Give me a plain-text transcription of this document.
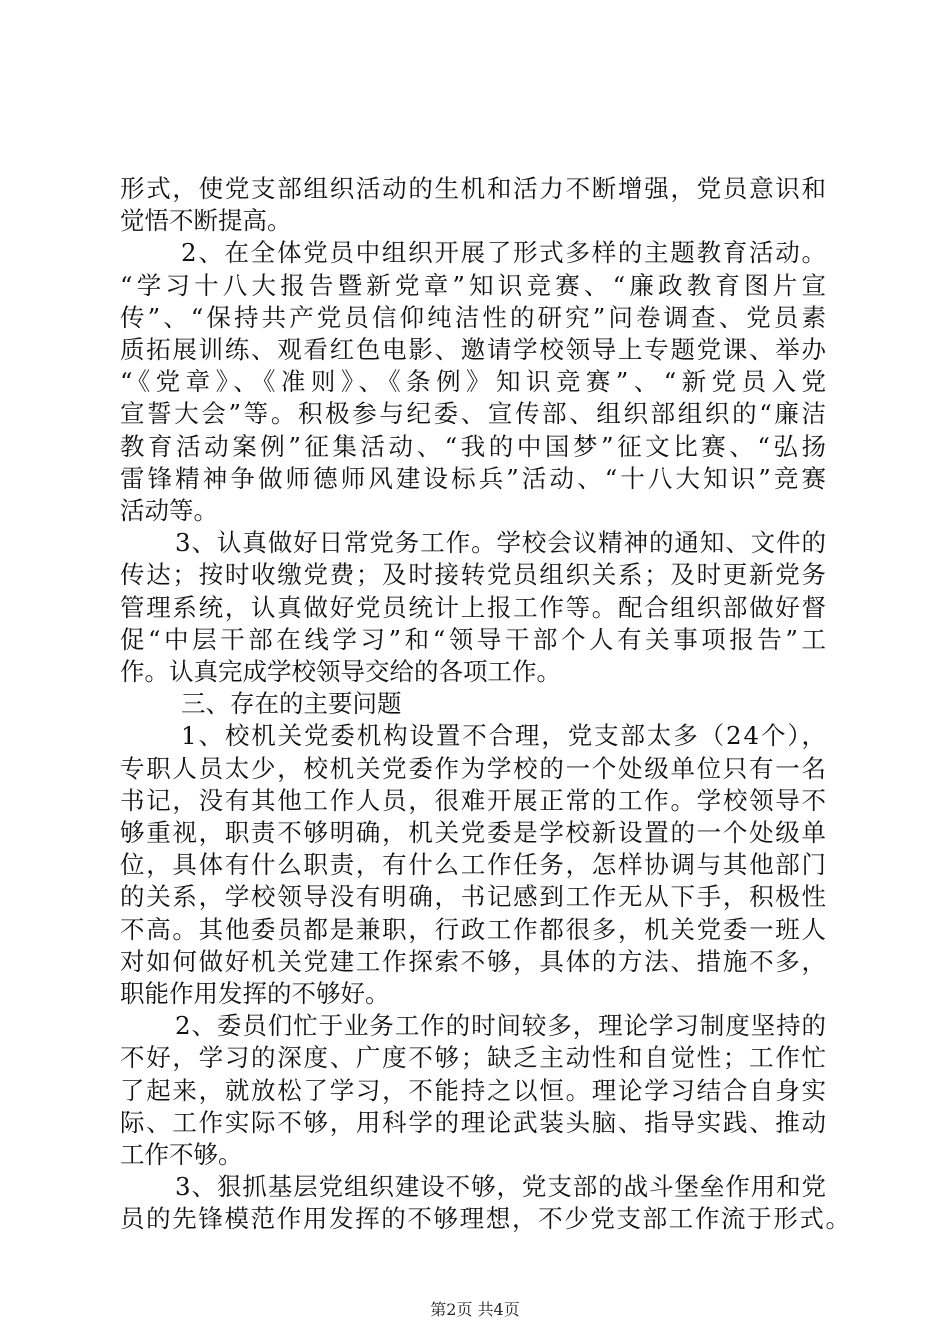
形式，使党支部组织活动的生机和活力不断增强，党员意识和
觉悟不断提高。
2、在全体党员中组织开展了形式多样的主题教育活动。
“学习十八大报告暨新党章”知识竞赛、“廉政教育图片宣
传”、“保持共产党员信仰纯洁性的研究”问卷调查、党员素
质拓展训练、观看红色电影、邀请学校领导上专题党课、举办
“《党章》、《准则》、《条例》知识竞赛”、“新党员入党
宣誓大会”等。积极参与纪委、宣传部、组织部组织的“廉洁
教育活动案例”征集活动、“我的中国梦”征文比赛、“弘扬
雷锋精神争做师德师风建设标兵”活动、“十八大知识”竞赛
活动等。
3、认真做好日常党务工作。学校会议精神的通知、文件的
传达；按时收缴党费；及时接转党员组织关系；及时更新党务
管理系统，认真做好党员统计上报工作等。配合组织部做好督
促“中层干部在线学习”和“领导干部个人有关事项报告”工
作。认真完成学校领导交给的各项工作。
三、存在的主要问题
1、校机关党委机构设置不合理，党支部太多（24个），
专职人员太少，校机关党委作为学校的一个处级单位只有一名
书记，没有其他工作人员，很难开展正常的工作。学校领导不
够重视，职责不够明确，机关党委是学校新设置的一个处级单
位，具体有什么职责，有什么工作任务，怎样协调与其他部门
的关系，学校领导没有明确，书记感到工作无从下手，积极性
不高。其他委员都是兼职，行政工作都很多，机关党委一班人
对如何做好机关党建工作探索不够，具体的方法、措施不多，
职能作用发挥的不够好。
2、委员们忙于业务工作的时间较多，理论学习制度坚持的
不好，学习的深度、广度不够；缺乏主动性和自觉性；工作忙
了起来，就放松了学习，不能持之以恒。理论学习结合自身实
际、工作实际不够，用科学的理论武装头脑、指导实践、推动
工作不够。
3、狠抓基层党组织建设不够，党支部的战斗堡垒作用和党
员的先锋模范作用发挥的不够理想，不少党支部工作流于形式。
第2页 共4页
